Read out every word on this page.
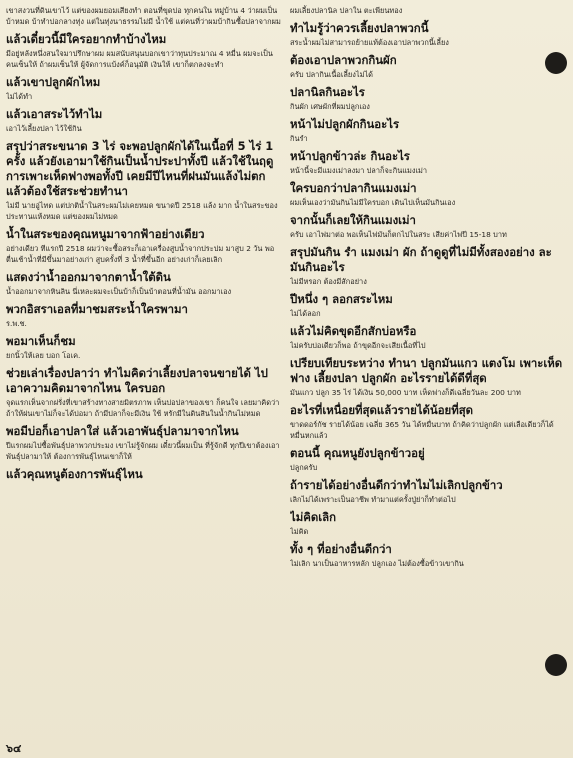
เขาสงวนที่ดินเขาไว้ แต่ของผมยอมเสียงทำ ตอนที่ขุดบ่อ ทุกคนใน หมู่บ้าน 4 ว่าผมเป็นบ้าหมด บ้าทำบ่อกลางทุ่ง แต่ในทุ่งนาธรรมไม่มี น้ำใช้ แต่คนที่ว่าผมบ้ากินซื้อปลาจากผม

แล้วเดี๋ยวนี้มีใครอยากทำบ้างไหม

มีอยู่หลังหนึ่งสนใจมาปรึกษาผม ผมสนับสนุนบอกเขาว่าทุนประมาณ 4 หมื่น ผมจะเป็นคนเซ็นให้ ถ้าผมเซ็นให้ ผู้จัดการแบ้งค์ก็อนุมัติ เงินให้ เขาก็ตกลงจะทำ

แล้วเขาปลูกผักไหม

ไม่ได้ทำ

แล้วเอาสระไว้ทำไม

เอาไว้เลี้ยงปลา ไว้ใช้กิน

สรุปว่าสระขนาด 3 ไร่ จะพอปลูกผักได้ในเนื้อที่ 5 ไร่ 1 ครั้ง แล้วยังเอามาใช้กินเป็นน้ำประปาทั้งปี แล้วใช้ในฤดูการเพาะเห็ดฟางพอทั้งปี เคยมีปีไหนที่ฝนมันแล้งไม่ตก แล้วต้องใช้สระช่วยทำนา

ไม่มี นายอู่ไทด แต่ปกติน้ำในสระผมไม่เคยหมด ขนาดปี 2518 แล้ง มาก น้ำในสระของประทานแห้งหมด แต่ของผมไม่หมด

น้ำในสระของคุณหนูมาจากฟ้าอย่างเดียว

อย่างเดียว ทีแรกปี 2518 ผมว่าจะซื้อสระก็เอาเครื่องสูบน้ำจากประปม มาสูบ 2 วัน พอตื่นเช้าน้ำที่มีขึ้นมาอย่างเก่า สูบครั้งที่ 3 น้ำที่ขึ้นอีก อย่างเก่าก็เลยเลิก

แสดงว่าน้ำออกมาจากตาน้ำใต้ดิน

น้ำออกมาจากหินลิน นี่เหละผมจะเป็นบ้าก็เป็นบ้าตอนที่น้ำมัน ออกมาเอง

พวกอิสราเอลที่มาชมสระน้ำใครพามา

ร.พ.ช.

พอมาเห็นก็ชม

ยกนิ้วให้เลย บอก โอเค.

ช่วยเล่าเรื่องปลาว่า ทำไมคิดว่าเลี้ยงปลาจนขายได้ ไปเอาความคิดมาจากไหน ใครบอก

จุดแรกเห็นจากฝรั่งที่เขาสร้างทางสายมิตรภาพ เห็นบ่อปลาของเขา ก็คนใจ เลยมาคิดว่า ถ้าให้ฝนเขาไม่ก็จะได้บ่อมา ถ้ามีปลาก็จะมีเงิน ใช้ หรักมีในดินสินในน้ำกินไม่หมด

พอมีบ่อก็เอาปลาใส่ แล้วเอาพันธุ์ปลามาจากไหน

ปีแรกผมไปซื้อพันธุ์ปลาพวกประมง เขาไม่รู้จักผม เดี๋ยวนี้ผมเป็น ที่รู้จักดี ทุกปีเขาต้องเอาพันธุ์ปลามาให้ ต้องการพันธุ์ไหนเขาก็ให้

แล้วคุณหนูต้องการพันธุ์ไหน

ผมเลี้ยงปลานิล ปลาใน ตะเพียนทอง

ทำไมรู้ว่าควรเลี้ยงปลาพวกนี้

สระน้ำผมไม่สามารถย้ายแท้ต้องเอาปลาพวกนี้เลี้ยง

ต้องเอาปลาพวกกินผัก

ครับ ปลากินเนื้อเลี้ยงไม่ได้

ปลานิลกินอะไร

กินผัก เศษผักที่ผมปลูกเอง

หน้าไม่ปลูกผักกินอะไร

กินรำ

หน้าปลูกข้าวล่ะ กินอะไร

หน้านี้จะมีแมงเม่าลงมา ปลาก็จะกินแมงเม่า

ใครบอกว่าปลากินแมงเม่า

ผมเห็นเองว่ามันกินไม่มีใครบอก เดินไปเห็นมันกินเอง

จากนั้นก็เลยให้กินแมงเม่า

ครับ เอาไฟมาต่อ พอเห็นไฟมันก็ตกไปในสระ เสียค่าไฟปี 15-18 บาท

สรุปมันกิน รำ แมงเม่า ผัก ถ้าดูดูที่ไม่มีทั้งสองอย่าง ละ มันกินอะไร

ไม่มีหรอก ต้องมีสักอย่าง

ปีหนึ่ง ๆ ลอกสระไหม

ไม่ได้ลอก

แล้วไม่คิดขุดอีกสักบ่อหรือ

ไม่ครับบ่อเดียวก็พอ ถ้าขุดอีกจะเสียเนื้อที่ไป

เปรียบเทียบระหว่าง ทำนา ปลูกมันแกว แตงโม เพาะเห็ดฟาง เลี้ยงปลา ปลูกผัก อะไรรายได้ดีที่สุด

มันแกว ปลูก 35 ไร่ ได้เงิน 50,000 บาท เห็ดฟางก็ดีเฉลี่ยวันละ 200 บาท

อะไรที่เหนื่อยที่สุดแล้วรายได้น้อยที่สุด

ขาดดอร์กัช รายได้น้อย เฉลี่ย 365 วัน ได้หมื่นบาท ถ้าคิดว่าปลูกผัก แต่เลือเดียวก็ได้หมื่นหกแล้ว

ตอนนี้ คุณหนูยังปลูกข้าวอยู่

ปลูกครับ

ถ้ารายได้อย่างอื่นดีกว่าทำไมไม่เลิกปลูกข้าว

เลิกไม่ได้เพราะเป็นอาชีพ ทำมาแต่ครั้งปู่ย่าก็ทำต่อไป

ไม่คิดเลิก

ไม่คิด

ทั้ง ๆ ที่อย่างอื่นดีกว่า

ไม่เลิก นาเป็นอาหารหลัก ปลูกเอง ไม่ต้องซื้อข้าวเขากิน

๖๔
